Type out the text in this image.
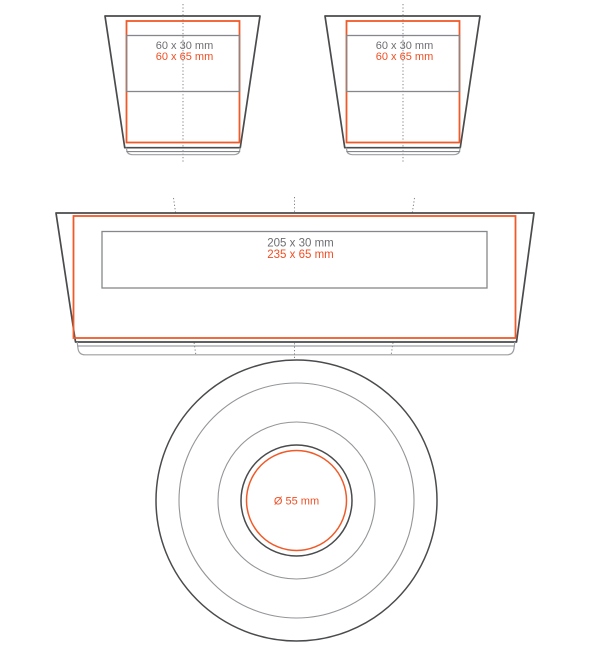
60 x 30 mm
60 x 65 mm
60 x 30 mm
60 x 65 mm
205 x 30 mm
235 x 65 mm
Ø 55 mm
